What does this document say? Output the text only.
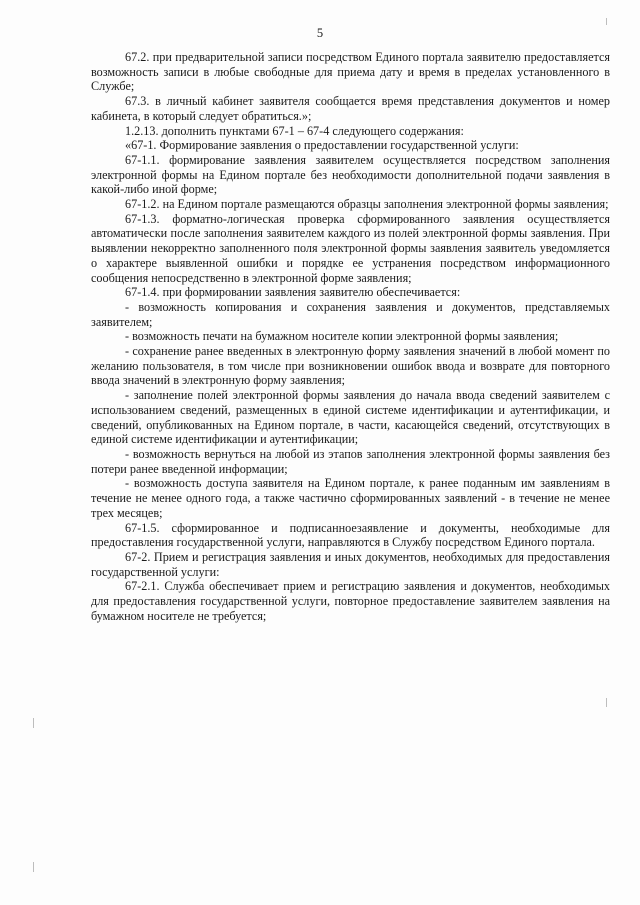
5

67.2. при предварительной записи посредством Единого портала заявителю предоставляется возможность записи в любые свободные для приема дату и время в пределах установленного в Службе;

67.3. в личный кабинет заявителя сообщается время представления документов и номер кабинета, в который следует обратиться.»;

1.2.13. дополнить пунктами 67-1 – 67-4 следующего содержания:

«67-1. Формирование заявления о предоставлении государственной услуги:

67-1.1. формирование заявления заявителем осуществляется посредством заполнения электронной формы на Едином портале без необходимости дополнительной подачи заявления в какой-либо иной форме;

67-1.2. на Едином портале размещаются образцы заполнения электронной формы заявления;

67-1.3. форматно-логическая проверка сформированного заявления осуществляется автоматически после заполнения заявителем каждого из полей электронной формы заявления. При выявлении некорректно заполненного поля электронной формы заявления заявитель уведомляется о характере выявленной ошибки и порядке ее устранения посредством информационного сообщения непосредственно в электронной форме заявления;

67-1.4. при формировании заявления заявителю обеспечивается:

- возможность копирования и сохранения заявления и документов, представляемых заявителем;

- возможность печати на бумажном носителе копии электронной формы заявления;

- сохранение ранее введенных в электронную форму заявления значений в любой момент по желанию пользователя, в том числе при возникновении ошибок ввода и возврате для повторного ввода значений в электронную форму заявления;

- заполнение полей электронной формы заявления до начала ввода сведений заявителем с использованием сведений, размещенных в единой системе идентификации и аутентификации, и сведений, опубликованных на Едином портале, в части, касающейся сведений, отсутствующих в единой системе идентификации и аутентификации;

- возможность вернуться на любой из этапов заполнения электронной формы заявления без потери ранее введенной информации;

- возможность доступа заявителя на Едином портале, к ранее поданным им заявлениям в течение не менее одного года, а также частично сформированных заявлений - в течение не менее трех месяцев;

67-1.5. сформированное и подписанноезаявление и документы, необходимые для предоставления государственной услуги, направляются в Службу посредством Единого портала.

67-2. Прием и регистрация заявления и иных документов, необходимых для предоставления государственной услуги:

67-2.1. Служба обеспечивает прием и регистрацию заявления и документов, необходимых для предоставления государственной услуги, повторное предоставление заявителем заявления на бумажном носителе не требуется;
